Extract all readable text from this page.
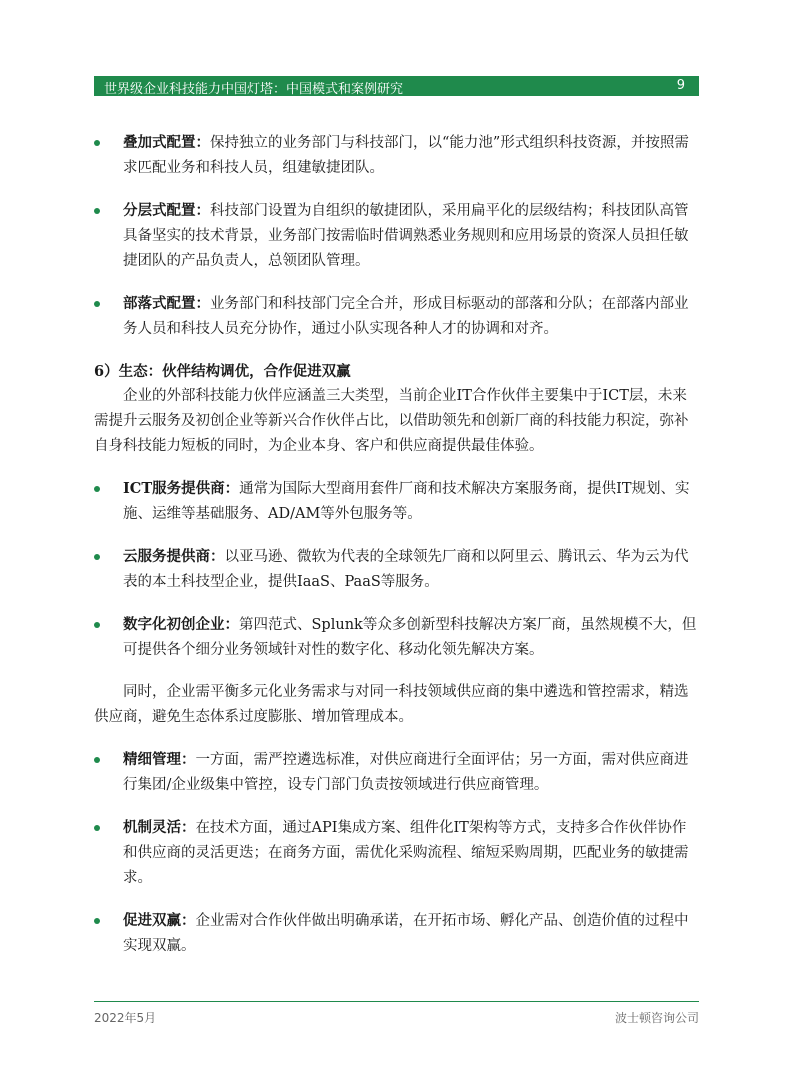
世界级企业科技能力中国灯塔：中国模式和案例研究	9
叠加式配置：保持独立的业务部门与科技部门，以“能力池”形式组织科技资源，并按照需求匹配业务和科技人员，组建敏捷团队。
分层式配置：科技部门设置为自组织的敏捷团队，采用扁平化的层级结构；科技团队高管具备坚实的技术背景，业务部门按需临时借调熟悉业务规则和应用场景的资深人员担任敏捷团队的产品负责人，总领团队管理。
部落式配置：业务部门和科技部门完全合并，形成目标驱动的部落和分队；在部落内部业务人员和科技人员充分协作，通过小队实现各种人才的协调和对齐。
6）生态：伙伴结构调优，合作促进双赢
企业的外部科技能力伙伴应涵盖三大类型，当前企业IT合作伙伴主要集中于ICT层，未来需提升云服务及初创企业等新兴合作伙伴占比，以借助领先和创新厂商的科技能力积淀，弥补自身科技能力短板的同时，为企业本身、客户和供应商提供最佳体验。
ICT服务提供商：通常为国际大型商用套件厂商和技术解决方案服务商，提供IT规划、实施、运维等基础服务、AD/AM等外包服务等。
云服务提供商：以亚马逊、微软为代表的全球领先厂商和以阿里云、腾讯云、华为云为代表的本土科技型企业，提供IaaS、PaaS等服务。
数字化初创企业：第四范式、Splunk等众多创新型科技解决方案厂商，虽然规模不大，但可提供各个细分业务领域针对性的数字化、移动化领先解决方案。
同时，企业需平衡多元化业务需求与对同一科技领域供应商的集中遴选和管控需求，精选供应商，避免生态体系过度膨胀、增加管理成本。
精细管理：一方面，需严控遴选标准，对供应商进行全面评估；另一方面，需对供应商进行集团/企业级集中管控，设专门部门负责按领域进行供应商管理。
机制灵活：在技术方面，通过API集成方案、组件化IT架构等方式，支持多合作伙伴协作和供应商的灵活更迭；在商务方面，需优化采购流程、缩短采购周期，匹配业务的敏捷需求。
促进双赢：企业需对合作伙伴做出明确承诺，在开拓市场、孵化产品、创造价值的过程中实现双赢。
2022年5月	波士顿咨询公司
